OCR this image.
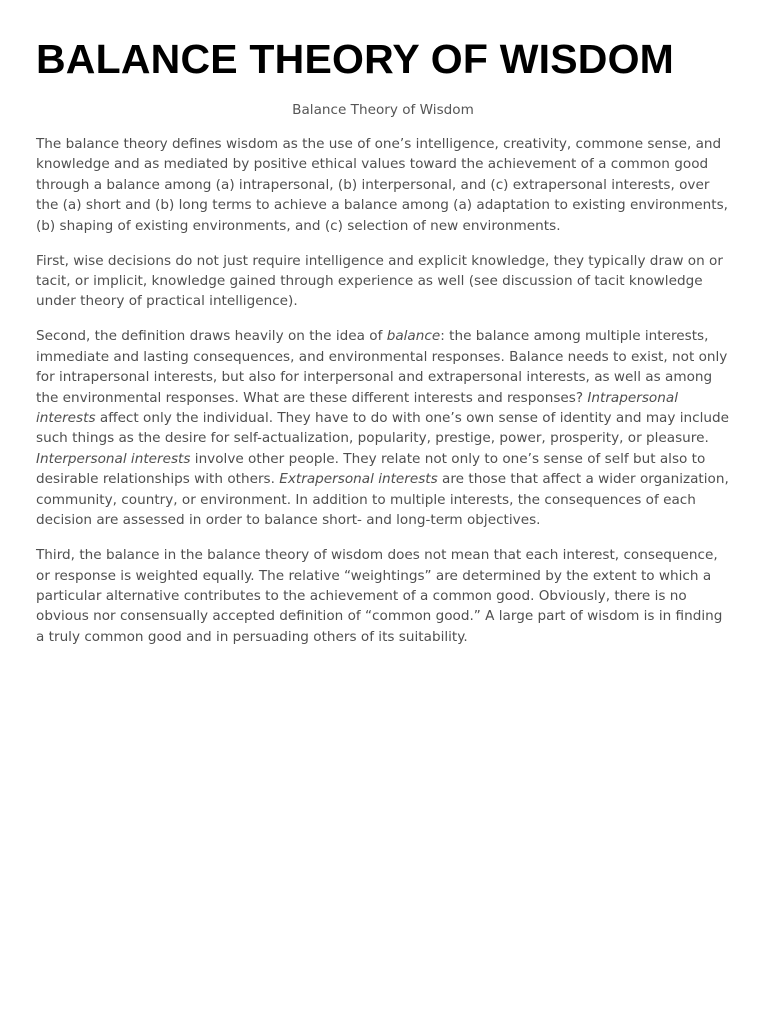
BALANCE THEORY OF WISDOM
Balance Theory of Wisdom

The balance theory defines wisdom as the use of one’s intelligence, creativity, commone sense, and knowledge and as mediated by positive ethical values toward the achievement of a common good through a balance among (a) intrapersonal, (b) interpersonal, and (c) extrapersonal interests, over the (a) short and (b) long terms to achieve a balance among (a) adaptation to existing environments, (b) shaping of existing environments, and (c) selection of new environments.

First, wise decisions do not just require intelligence and explicit knowledge, they typically draw on or tacit, or implicit, knowledge gained through experience as well (see discussion of tacit knowledge under theory of practical intelligence).

Second, the definition draws heavily on the idea of balance: the balance among multiple interests, immediate and lasting consequences, and environmental responses. Balance needs to exist, not only for intrapersonal interests, but also for interpersonal and extrapersonal interests, as well as among the environmental responses. What are these different interests and responses? Intrapersonal interests affect only the individual. They have to do with one’s own sense of identity and may include such things as the desire for self-actualization, popularity, prestige, power, prosperity, or pleasure. Interpersonal interests involve other people. They relate not only to one’s sense of self but also to desirable relationships with others. Extrapersonal interests are those that affect a wider organization, community, country, or environment. In addition to multiple interests, the consequences of each decision are assessed in order to balance short- and long-term objectives.

Third, the balance in the balance theory of wisdom does not mean that each interest, consequence, or response is weighted equally. The relative “weightings” are determined by the extent to which a particular alternative contributes to the achievement of a common good. Obviously, there is no obvious nor consensually accepted definition of “common good.” A large part of wisdom is in finding a truly common good and in persuading others of its suitability.
